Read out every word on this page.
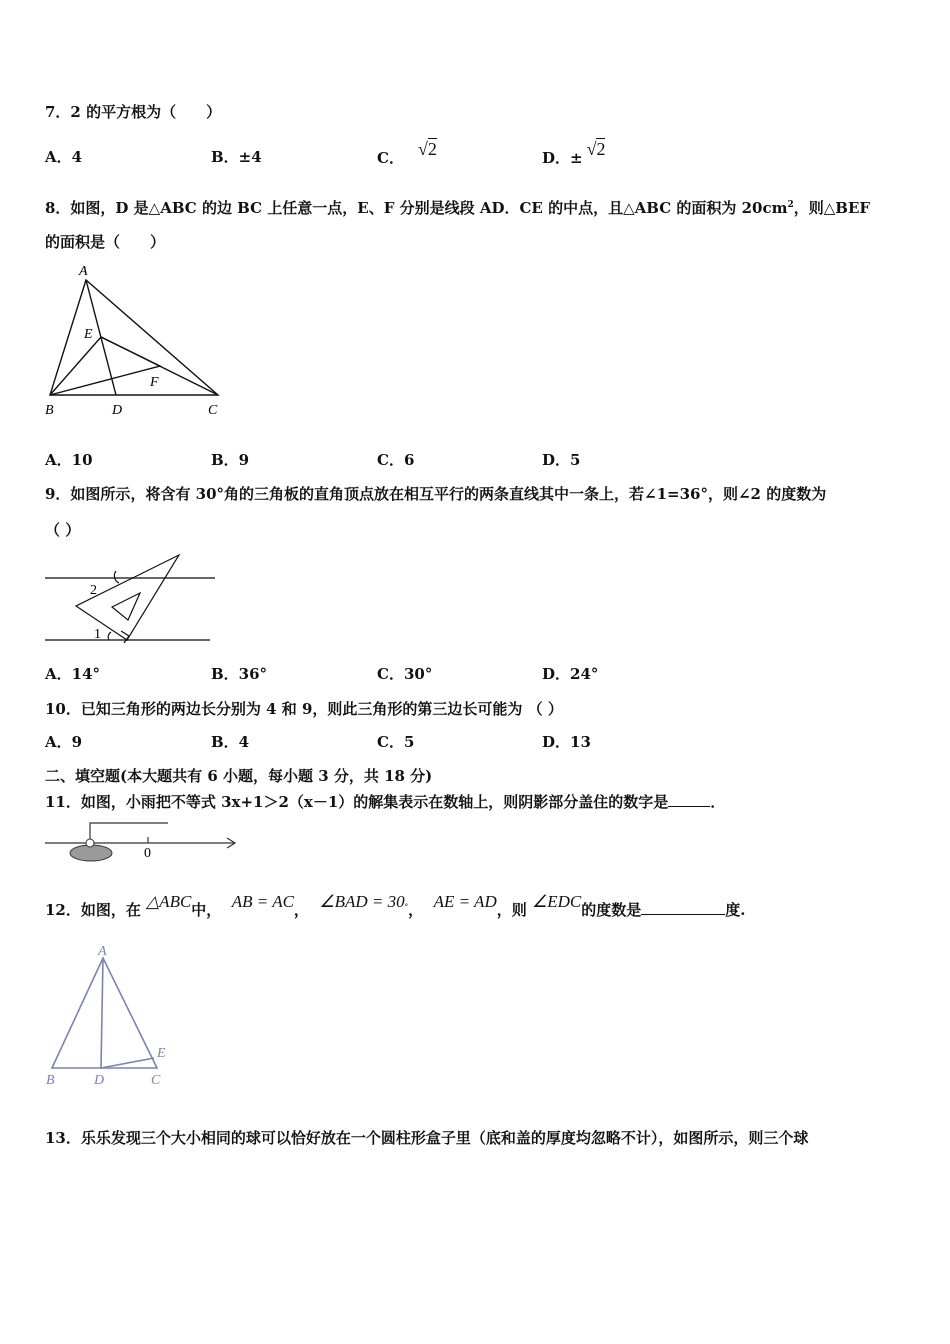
7．2 的平方根为（　　）
A．4	B．±4	C． √2	D．± √2
8．如图，D 是△ABC 的边 BC 上任意一点，E、F 分别是线段 AD．CE 的中点，且△ABC 的面积为 $20cm^2$，则△BEF
的面积是（　　）
A
E
F
B	D	C
A．10	B．9	C．6	D．5
9．如图所示，将含有 30°角的三角板的直角顶点放在相互平行的两条直线其中一条上，若∠1=36°，则∠2 的度数为
（ ）
2
1
A．14°	B．36°	C．30°	D．24°
10．已知三角形的两边长分别为 4 和 9，则此三角形的第三边长可能为 （ ）
A．9	B．4	C．5	D．13
二、填空题(本大题共有 6 小题，每小题 3 分，共 18 分)
11．如图，小雨把不等式 3x+1＞2（x－1）的解集表示在数轴上，则阴影部分盖住的数字是	．
0
12．如图，在 △ABC中， AB = AC， ∠BAD = 30°， AE = AD，则 ∠EDC的度数是	度.
A
E
B	D	C
13．乐乐发现三个大小相同的球可以恰好放在一个圆柱形盒子里（底和盖的厚度均忽略不计），如图所示，则三个球
